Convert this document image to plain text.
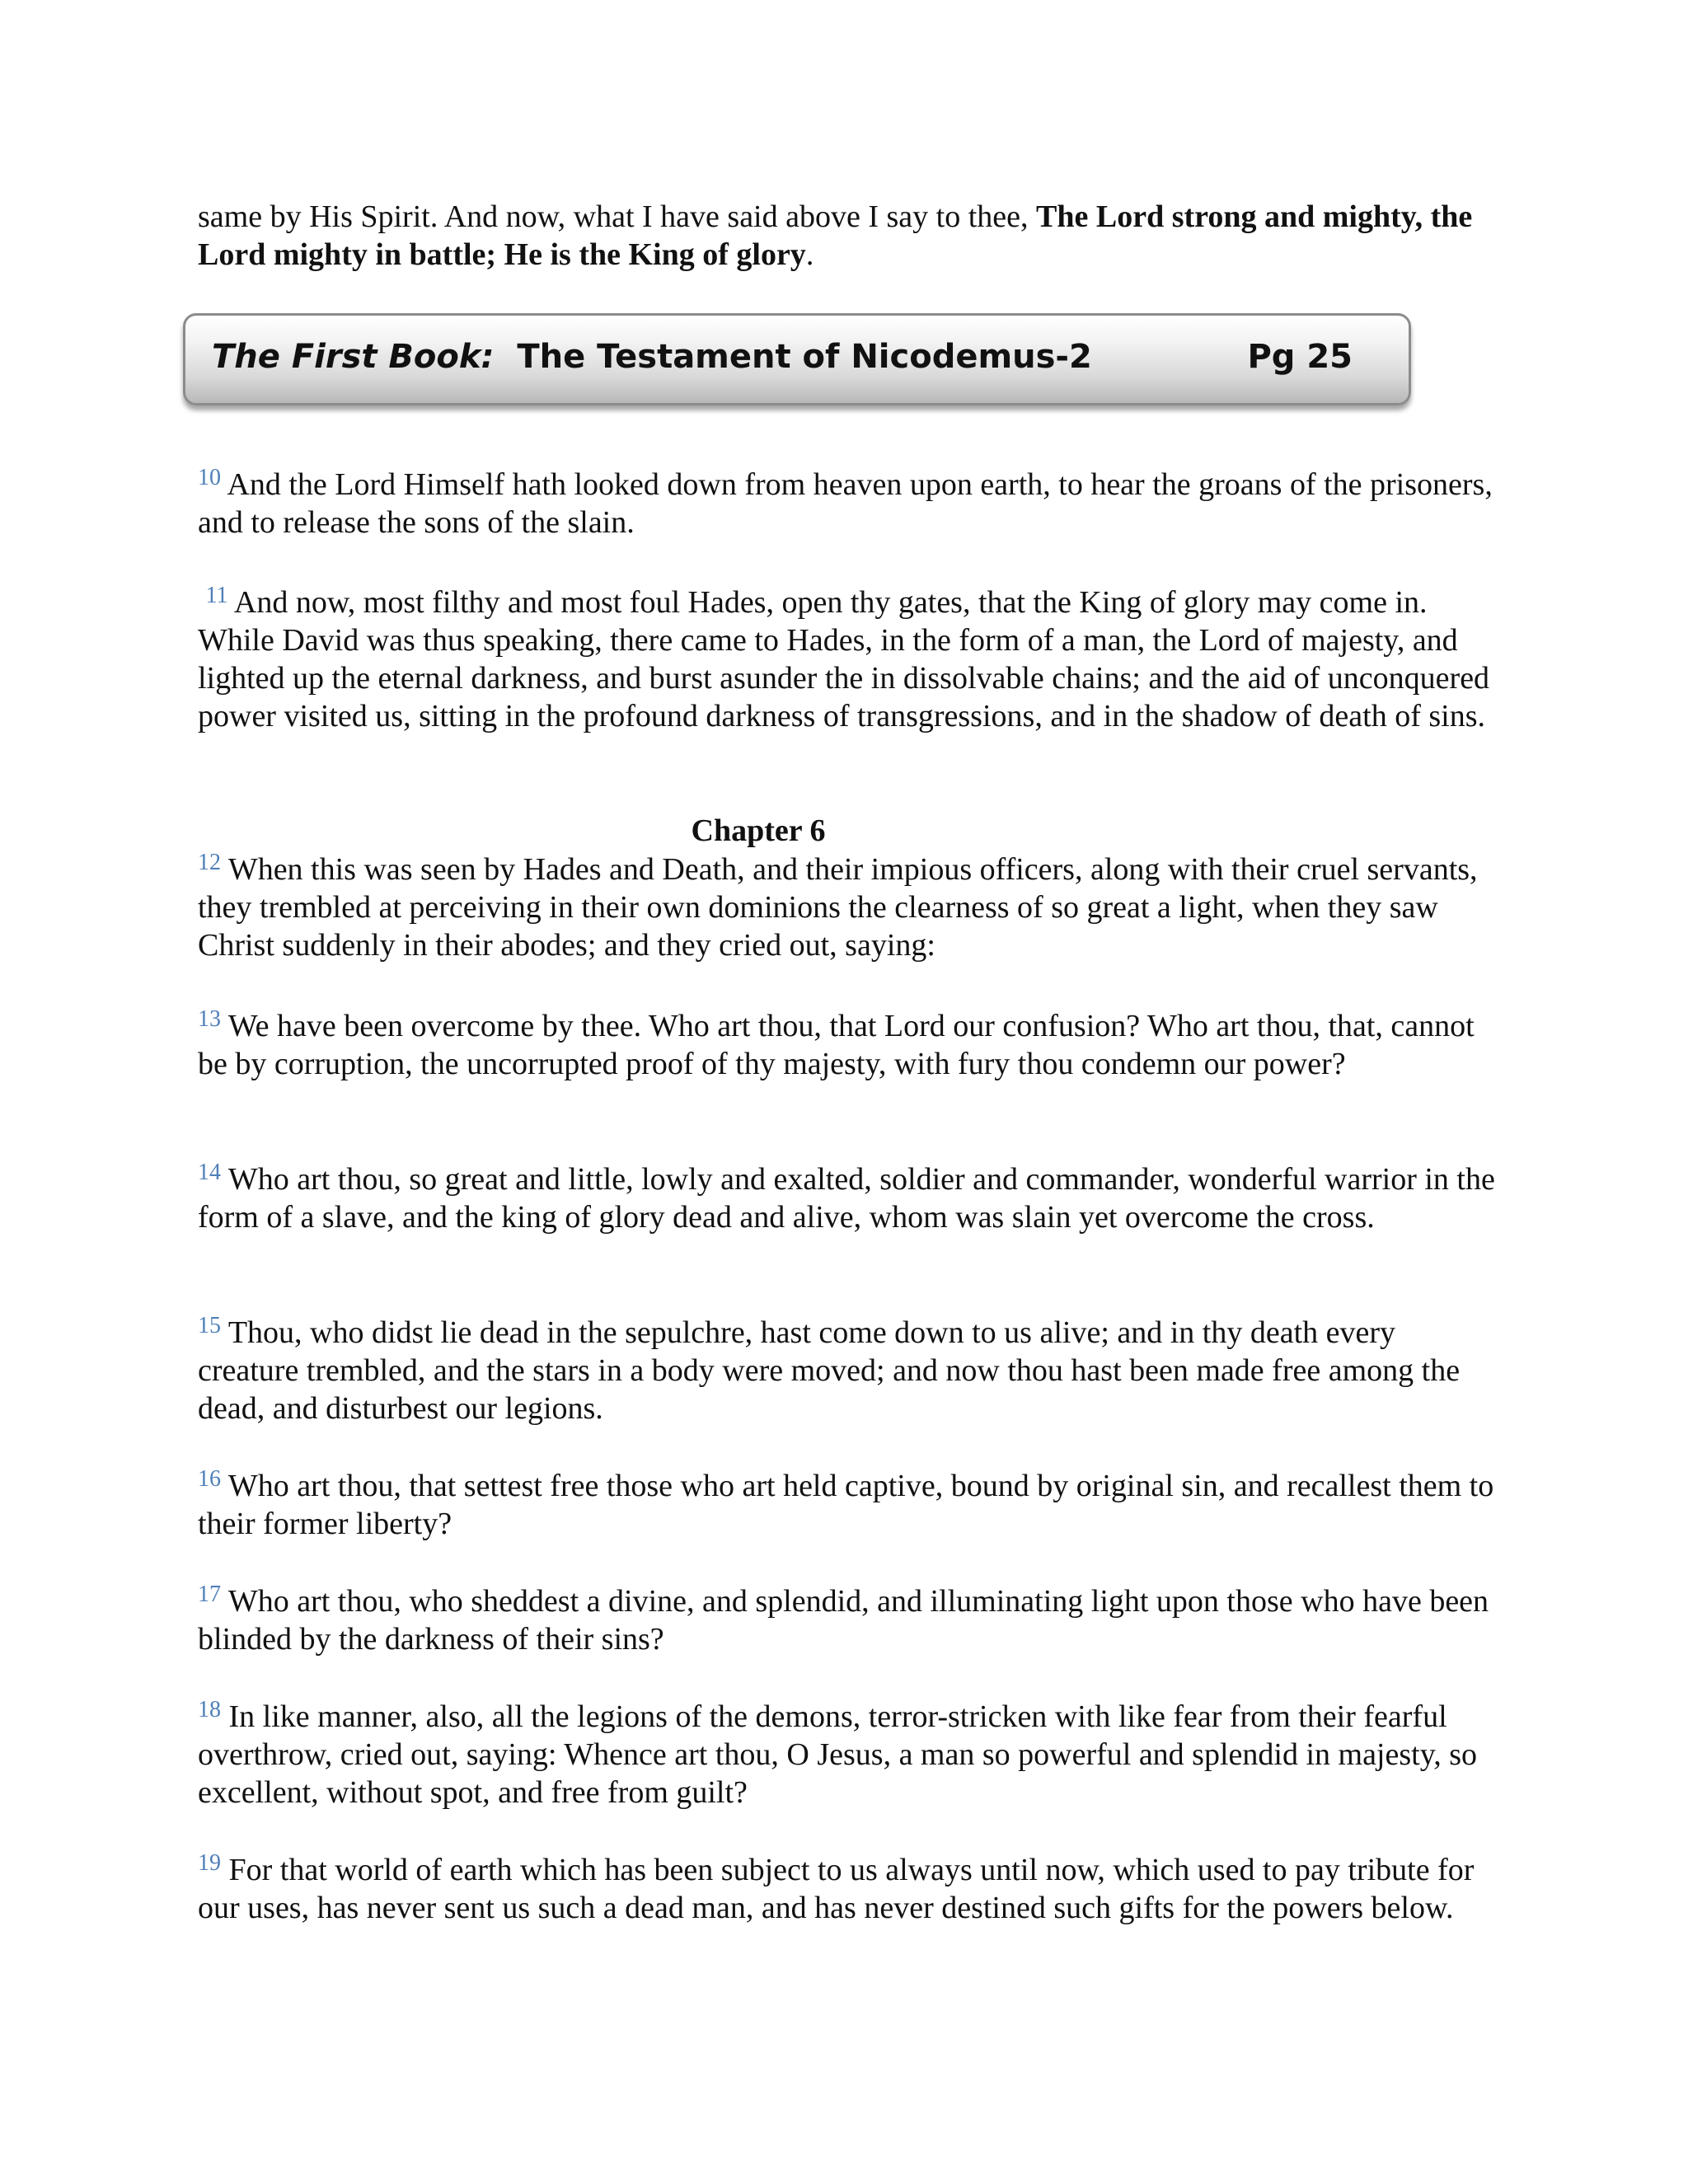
same by His Spirit. And now, what I have said above I say to thee, The Lord strong and mighty, the Lord mighty in battle; He is the King of glory.

The First Book: The Testament of Nicodemus-2	Pg 25

$^{10}$ And the Lord Himself hath looked down from heaven upon earth, to hear the groans of the prisoners, and to release the sons of the slain.

$^{11}$ And now, most filthy and most foul Hades, open thy gates, that the King of glory may come in. While David was thus speaking, there came to Hades, in the form of a man, the Lord of majesty, and lighted up the eternal darkness, and burst asunder the in dissolvable chains; and the aid of unconquered power visited us, sitting in the profound darkness of transgressions, and in the shadow of death of sins.

Chapter 6

$^{12}$ When this was seen by Hades and Death, and their impious officers, along with their cruel servants, they trembled at perceiving in their own dominions the clearness of so great a light, when they saw Christ suddenly in their abodes; and they cried out, saying:

$^{13}$ We have been overcome by thee. Who art thou, that Lord our confusion? Who art thou, that, cannot be by corruption, the uncorrupted proof of thy majesty, with fury thou condemn our power?

$^{14}$ Who art thou, so great and little, lowly and exalted, soldier and commander, wonderful warrior in the form of a slave, and the king of glory dead and alive, whom was slain yet overcome the cross.

$^{15}$ Thou, who didst lie dead in the sepulchre, hast come down to us alive; and in thy death every creature trembled, and the stars in a body were moved; and now thou hast been made free among the dead, and disturbest our legions.

$^{16}$ Who art thou, that settest free those who art held captive, bound by original sin, and recallest them to their former liberty?

$^{17}$ Who art thou, who sheddest a divine, and splendid, and illuminating light upon those who have been blinded by the darkness of their sins?

$^{18}$ In like manner, also, all the legions of the demons, terror-stricken with like fear from their fearful overthrow, cried out, saying: Whence art thou, O Jesus, a man so powerful and splendid in majesty, so excellent, without spot, and free from guilt?

$^{19}$ For that world of earth which has been subject to us always until now, which used to pay tribute for our uses, has never sent us such a dead man, and has never destined such gifts for the powers below.
